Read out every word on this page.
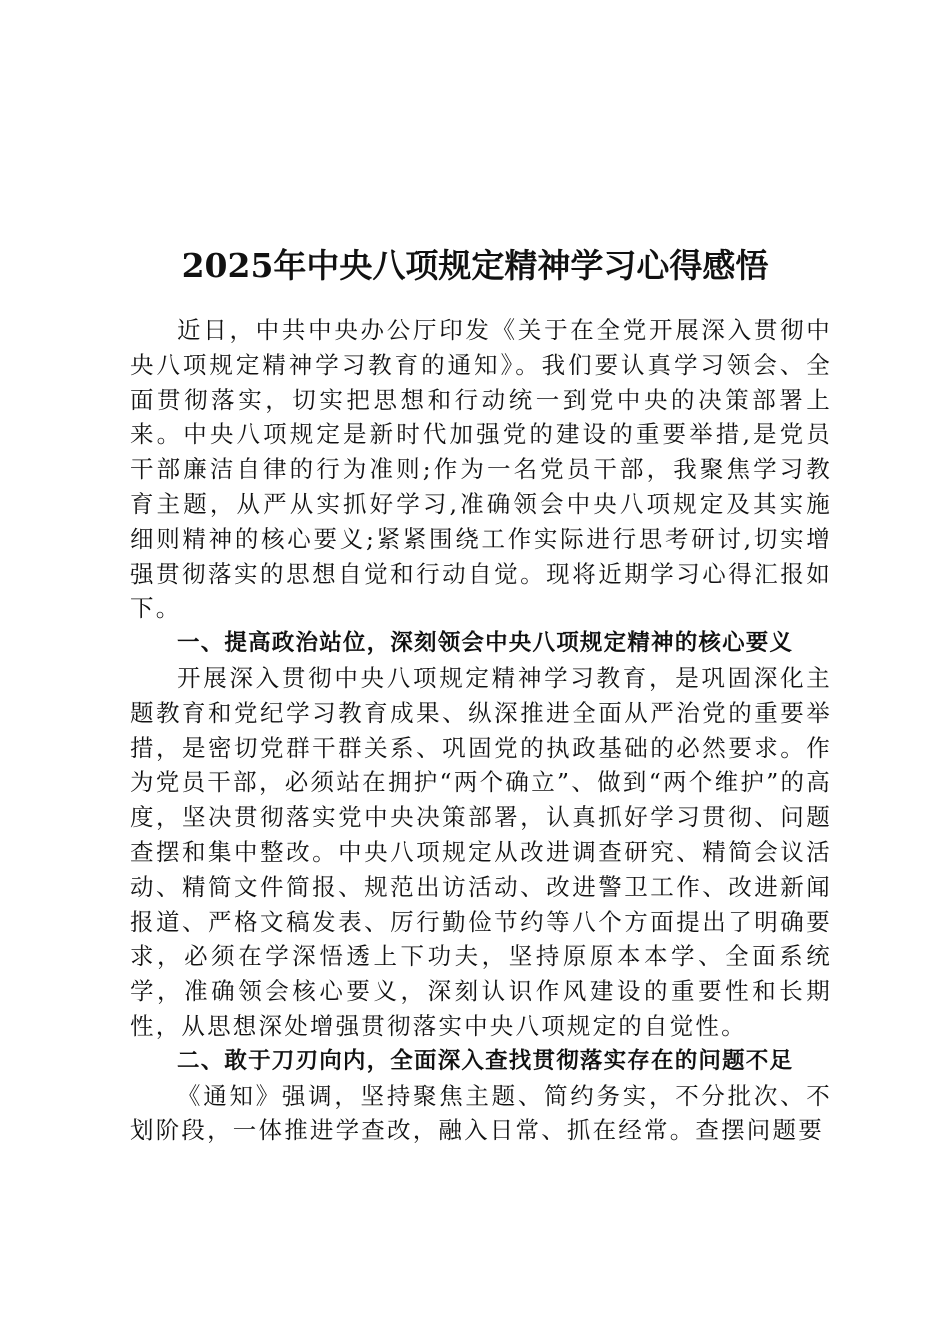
2025年中央八项规定精神学习心得感悟

近日，中共中央办公厅印发《关于在全党开展深入贯彻中央八项规定精神学习教育的通知》。我们要认真学习领会、全面贯彻落实，切实把思想和行动统一到党中央的决策部署上来。中央八项规定是新时代加强党的建设的重要举措,是党员干部廉洁自律的行为准则;作为一名党员干部，我聚焦学习教育主题，从严从实抓好学习,准确领会中央八项规定及其实施细则精神的核心要义;紧紧围绕工作实际进行思考研讨,切实增强贯彻落实的思想自觉和行动自觉。现将近期学习心得汇报如下。

一、提高政治站位，深刻领会中央八项规定精神的核心要义

开展深入贯彻中央八项规定精神学习教育，是巩固深化主题教育和党纪学习教育成果、纵深推进全面从严治党的重要举措，是密切党群干群关系、巩固党的执政基础的必然要求。作为党员干部，必须站在拥护“两个确立”、做到“两个维护”的高度，坚决贯彻落实党中央决策部署，认真抓好学习贯彻、问题查摆和集中整改。中央八项规定从改进调查研究、精简会议活动、精简文件简报、规范出访活动、改进警卫工作、改进新闻报道、严格文稿发表、厉行勤俭节约等八个方面提出了明确要求，必须在学深悟透上下功夫，坚持原原本本学、全面系统学，准确领会核心要义，深刻认识作风建设的重要性和长期性，从思想深处增强贯彻落实中央八项规定的自觉性。

二、敢于刀刃向内，全面深入查找贯彻落实存在的问题不足

《通知》强调，坚持聚焦主题、简约务实，不分批次、不划阶段，一体推进学查改，融入日常、抓在经常。查摆问题要
